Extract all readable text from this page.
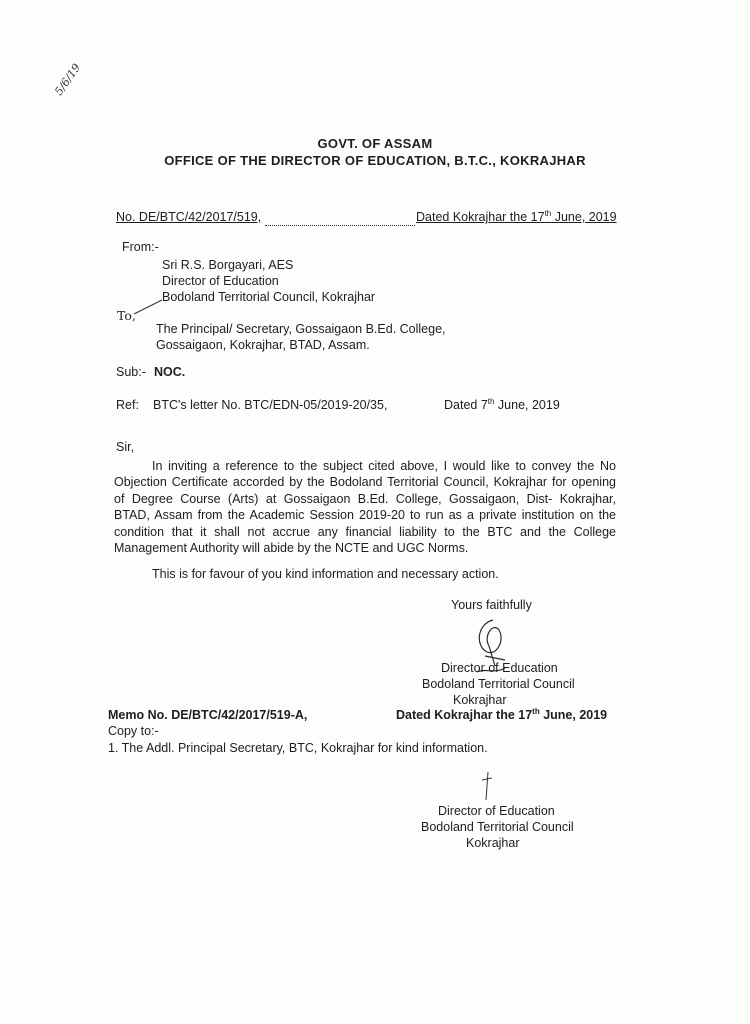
5/6/19
GOVT. OF ASSAM
OFFICE OF THE DIRECTOR OF EDUCATION, B.T.C., KOKRAJHAR
No. DE/BTC/42/2017/519,	Dated Kokrajhar the 17th June, 2019
From:-
Sri R.S. Borgayari, AES
Director of Education
Bodoland Territorial Council, Kokrajhar
To,
The Principal/ Secretary, Gossaigaon B.Ed. College,
Gossaigaon, Kokrajhar, BTAD, Assam.
Sub:- NOC.
Ref: BTC's letter No. BTC/EDN-05/2019-20/35,	Dated 7th June, 2019
Sir,
In inviting a reference to the subject cited above, I would like to convey the No
Objection Certificate accorded by the Bodoland Territorial Council, Kokrajhar for opening
of Degree Course (Arts) at Gossaigaon B.Ed. College, Gossaigaon, Dist- Kokrajhar,
BTAD, Assam from the Academic Session 2019-20 to run as a private institution on the
condition that it shall not accrue any financial liability to the BTC and the College
Management Authority will abide by the NCTE and UGC Norms.
This is for favour of you kind information and necessary action.
Yours faithfully
Director of Education
Bodoland Territorial Council
Kokrajhar
Memo No. DE/BTC/42/2017/519-A,	Dated Kokrajhar the 17th June, 2019
Copy to:-
1. The Addl. Principal Secretary, BTC, Kokrajhar for kind information.
Director of Education
Bodoland Territorial Council
Kokrajhar
